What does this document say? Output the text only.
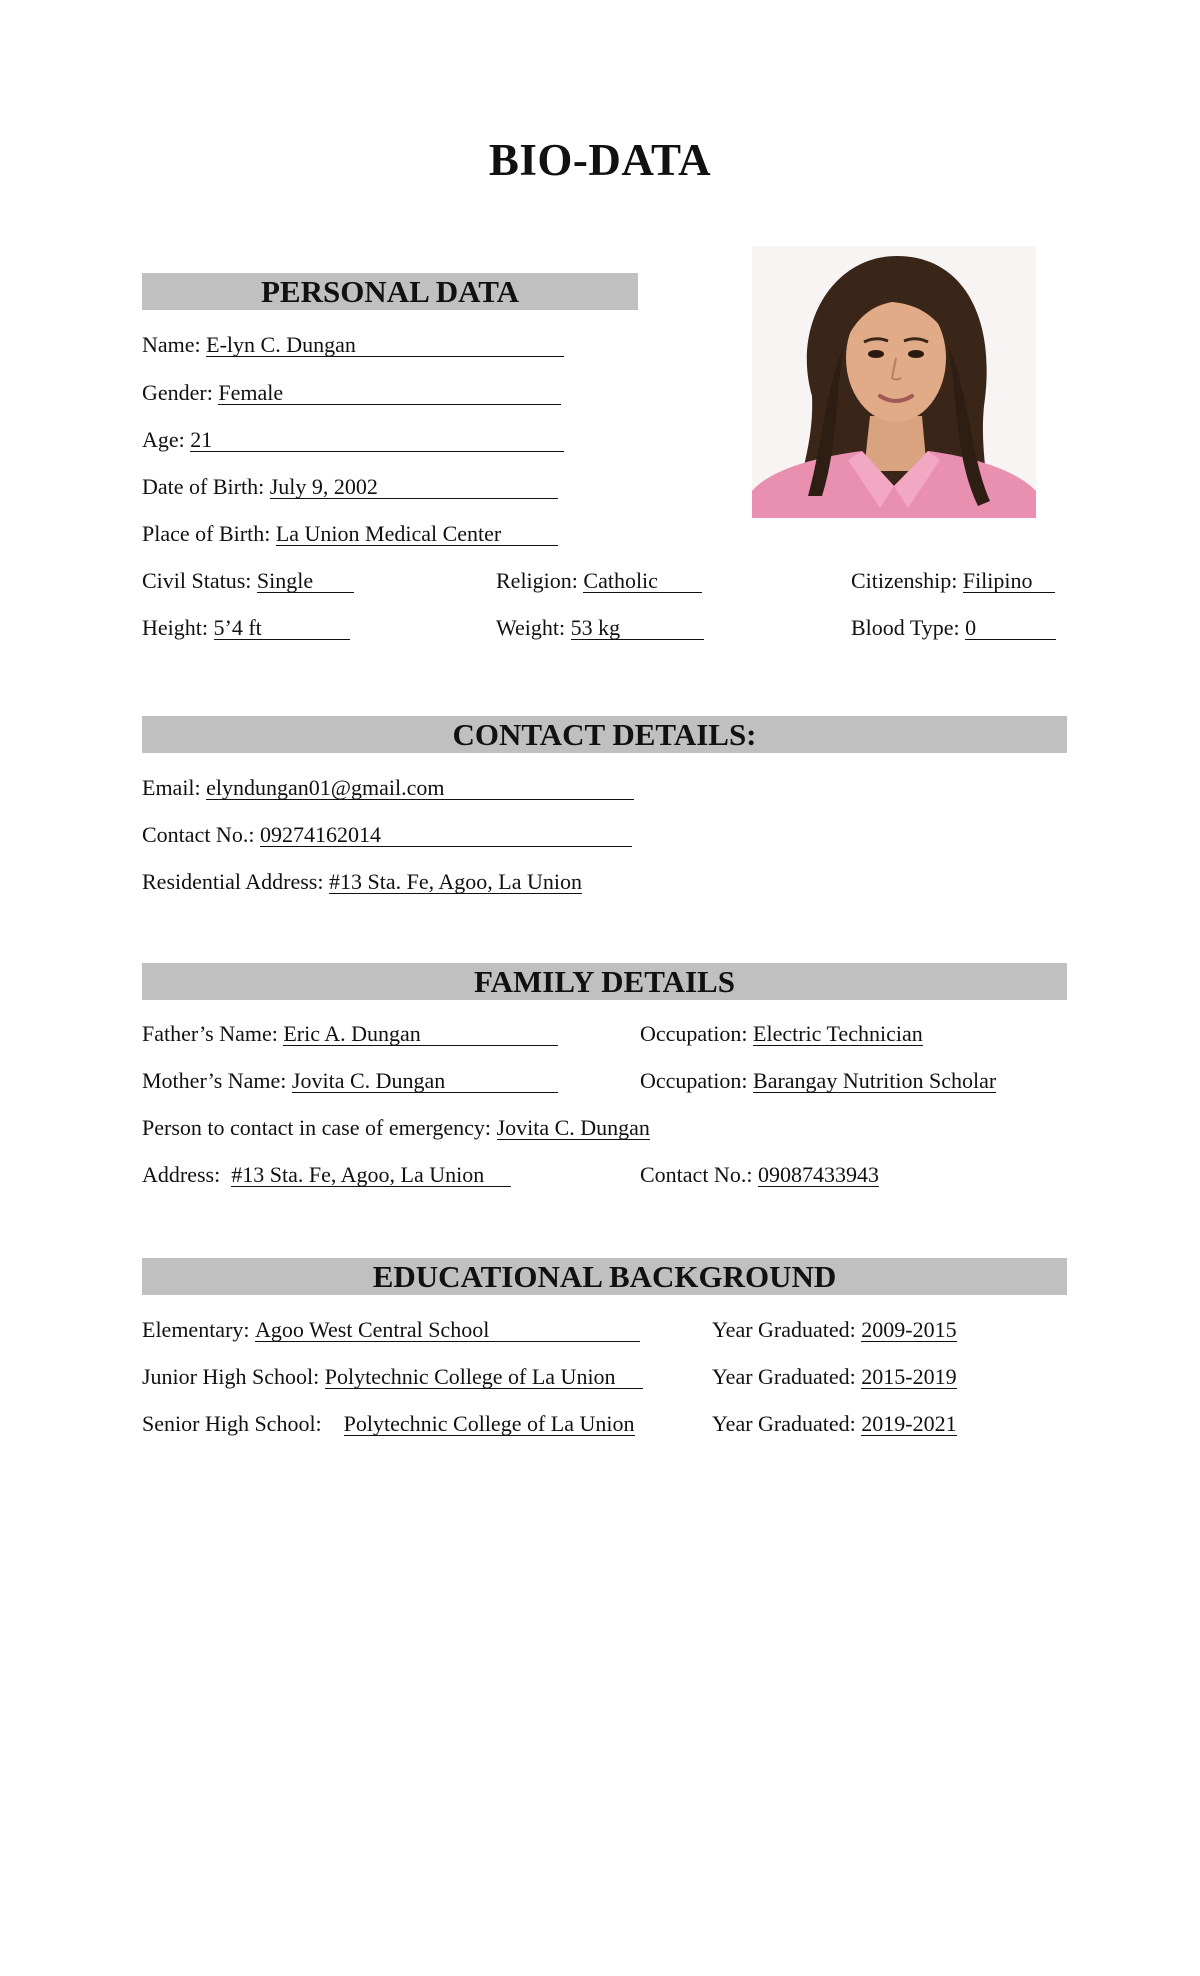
BIO-DATA
PERSONAL DATA
Name: E-lyn C. Dungan
Gender: Female
Age: 21
Date of Birth: July 9, 2002
Place of Birth: La Union Medical Center
Civil Status: Single	Religion: Catholic	Citizenship: Filipino
Height: 5’4 ft	Weight: 53 kg	Blood Type: 0
CONTACT DETAILS:
Email: elyndungan01@gmail.com
Contact No.: 09274162014
Residential Address: #13 Sta. Fe, Agoo, La Union
FAMILY DETAILS
Father’s Name: Eric A. Dungan	Occupation: Electric Technician
Mother’s Name: Jovita C. Dungan	Occupation: Barangay Nutrition Scholar
Person to contact in case of emergency: Jovita C. Dungan
Address: #13 Sta. Fe, Agoo, La Union	Contact No.: 09087433943
EDUCATIONAL BACKGROUND
Elementary: Agoo West Central School	Year Graduated: 2009-2015
Junior High School: Polytechnic College of La Union	Year Graduated: 2015-2019
Senior High School: Polytechnic College of La Union	Year Graduated: 2019-2021
